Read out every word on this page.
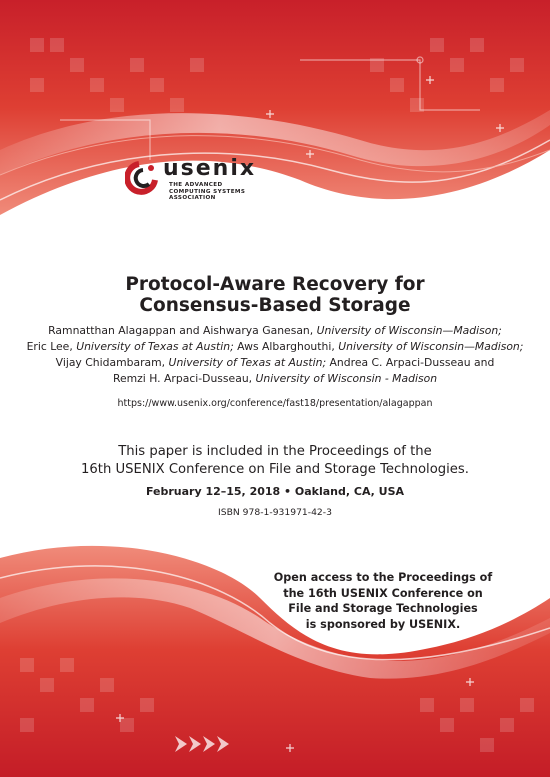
usenix
THE ADVANCED
COMPUTING SYSTEMS
ASSOCIATION
Protocol-Aware Recovery for
Consensus-Based Storage

Ramnatthan Alagappan and Aishwarya Ganesan, University of Wisconsin—Madison;
Eric Lee, University of Texas at Austin; Aws Albarghouthi, University of Wisconsin—Madison;
Vijay Chidambaram, University of Texas at Austin; Andrea C. Arpaci-Dusseau and
Remzi H. Arpaci-Dusseau, University of Wisconsin - Madison

https://www.usenix.org/conference/fast18/presentation/alagappan
This paper is included in the Proceedings of the
16th USENIX Conference on File and Storage Technologies.
February 12–15, 2018 • Oakland, CA, USA
ISBN 978-1-931971-42-3
Open access to the Proceedings of
the 16th USENIX Conference on
File and Storage Technologies
is sponsored by USENIX.
